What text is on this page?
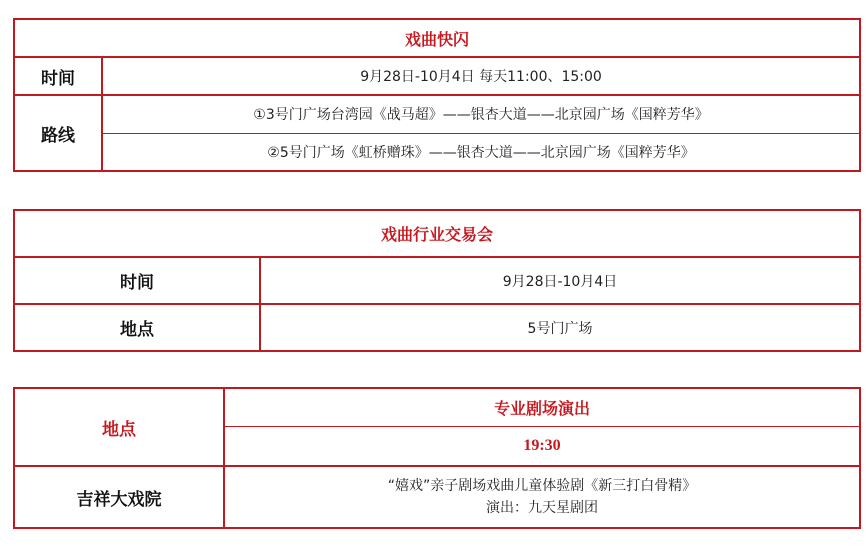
戏曲快闪	
时间	9月28日-10月4日 每天11:00、15:00
路线	①3号门广场台湾园《战马超》——银杏大道——北京园广场《国粹芳华》
	②5号门广场《虹桥赠珠》——银杏大道——北京园广场《国粹芳华》
戏曲行业交易会	
时间	9月28日-10月4日
地点	5号门广场
地点	专业剧场演出
	19:30
吉祥大戏院	“嬉戏”亲子剧场戏曲儿童体验剧《新三打白骨精》
演出：九天星剧团
